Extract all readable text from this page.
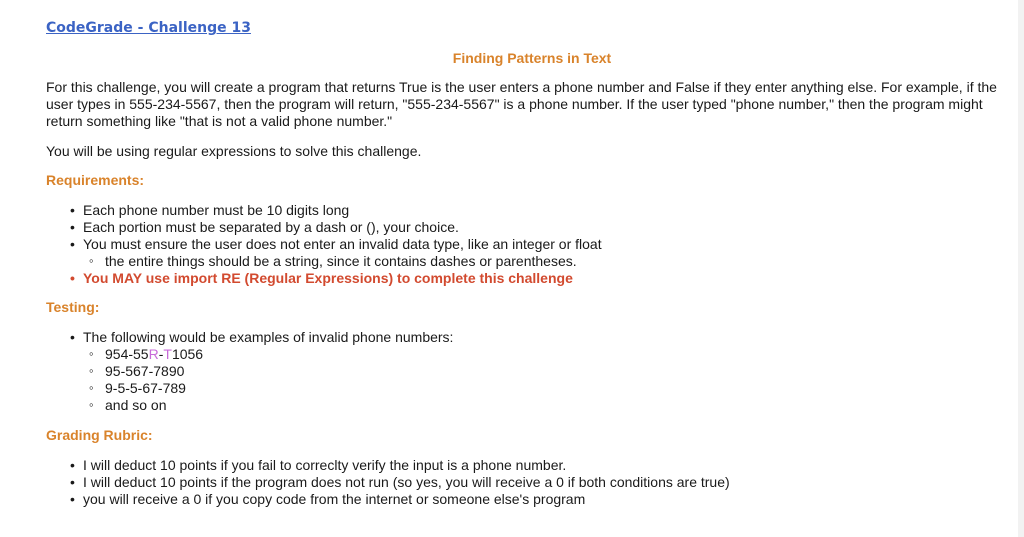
CodeGrade - Challenge 13
Finding Patterns in Text
For this challenge, you will create a program that returns True is the user enters a phone number and False if they enter anything else. For example, if the user types in 555-234-5567, then the program will return, "555-234-5567" is a phone number. If the user typed "phone number," then the program might return something like "that is not a valid phone number."
You will be using regular expressions to solve this challenge.
Requirements:
• Each phone number must be 10 digits long
• Each portion must be separated by a dash or (), your choice.
• You must ensure the user does not enter an invalid data type, like an integer or float
◦ the entire things should be a string, since it contains dashes or parentheses.
• You MAY use import RE (Regular Expressions) to complete this challenge
Testing:
• The following would be examples of invalid phone numbers:
◦ 954-55R-T1056
◦ 95-567-7890
◦ 9-5-5-67-789
◦ and so on
Grading Rubric:
• I will deduct 10 points if you fail to correclty verify the input is a phone number.
• I will deduct 10 points if the program does not run (so yes, you will receive a 0 if both conditions are true)
• you will receive a 0 if you copy code from the internet or someone else's program
